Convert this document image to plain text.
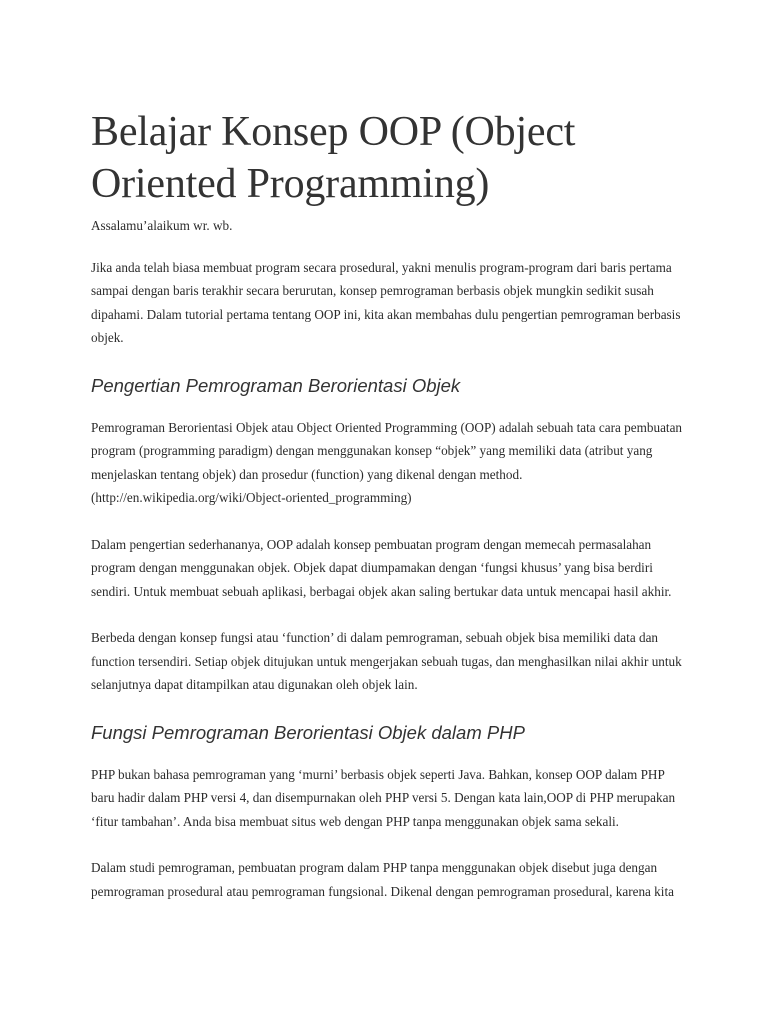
Belajar Konsep OOP (Object Oriented Programming)

Assalamu’alaikum wr. wb.

Jika anda telah biasa membuat program secara prosedural, yakni menulis program-program dari baris pertama sampai dengan baris terakhir secara berurutan, konsep pemrograman berbasis objek mungkin sedikit susah dipahami. Dalam tutorial pertama tentang OOP ini, kita akan membahas dulu pengertian pemrograman berbasis objek.

Pengertian Pemrograman Berorientasi Objek

Pemrograman Berorientasi Objek atau Object Oriented Programming (OOP) adalah sebuah tata cara pembuatan program (programming paradigm) dengan menggunakan konsep “objek” yang memiliki data (atribut yang menjelaskan tentang objek) dan prosedur (function) yang dikenal dengan method. (http://en.wikipedia.org/wiki/Object-oriented_programming)

Dalam pengertian sederhananya, OOP adalah konsep pembuatan program dengan memecah permasalahan program dengan menggunakan objek. Objek dapat diumpamakan dengan ‘fungsi khusus’ yang bisa berdiri sendiri. Untuk membuat sebuah aplikasi, berbagai objek akan saling bertukar data untuk mencapai hasil akhir.

Berbeda dengan konsep fungsi atau ‘function’ di dalam pemrograman, sebuah objek bisa memiliki data dan function tersendiri. Setiap objek ditujukan untuk mengerjakan sebuah tugas, dan menghasilkan nilai akhir untuk selanjutnya dapat ditampilkan atau digunakan oleh objek lain.

Fungsi Pemrograman Berorientasi Objek dalam PHP

PHP bukan bahasa pemrograman yang ‘murni’ berbasis objek seperti Java. Bahkan, konsep OOP dalam PHP baru hadir dalam PHP versi 4, dan disempurnakan oleh PHP versi 5. Dengan kata lain,OOP di PHP merupakan ‘fitur tambahan’. Anda bisa membuat situs web dengan PHP tanpa menggunakan objek sama sekali.

Dalam studi pemrograman, pembuatan program dalam PHP tanpa menggunakan objek disebut juga dengan pemrograman prosedural atau pemrograman fungsional. Dikenal dengan pemrograman prosedural, karena kita
